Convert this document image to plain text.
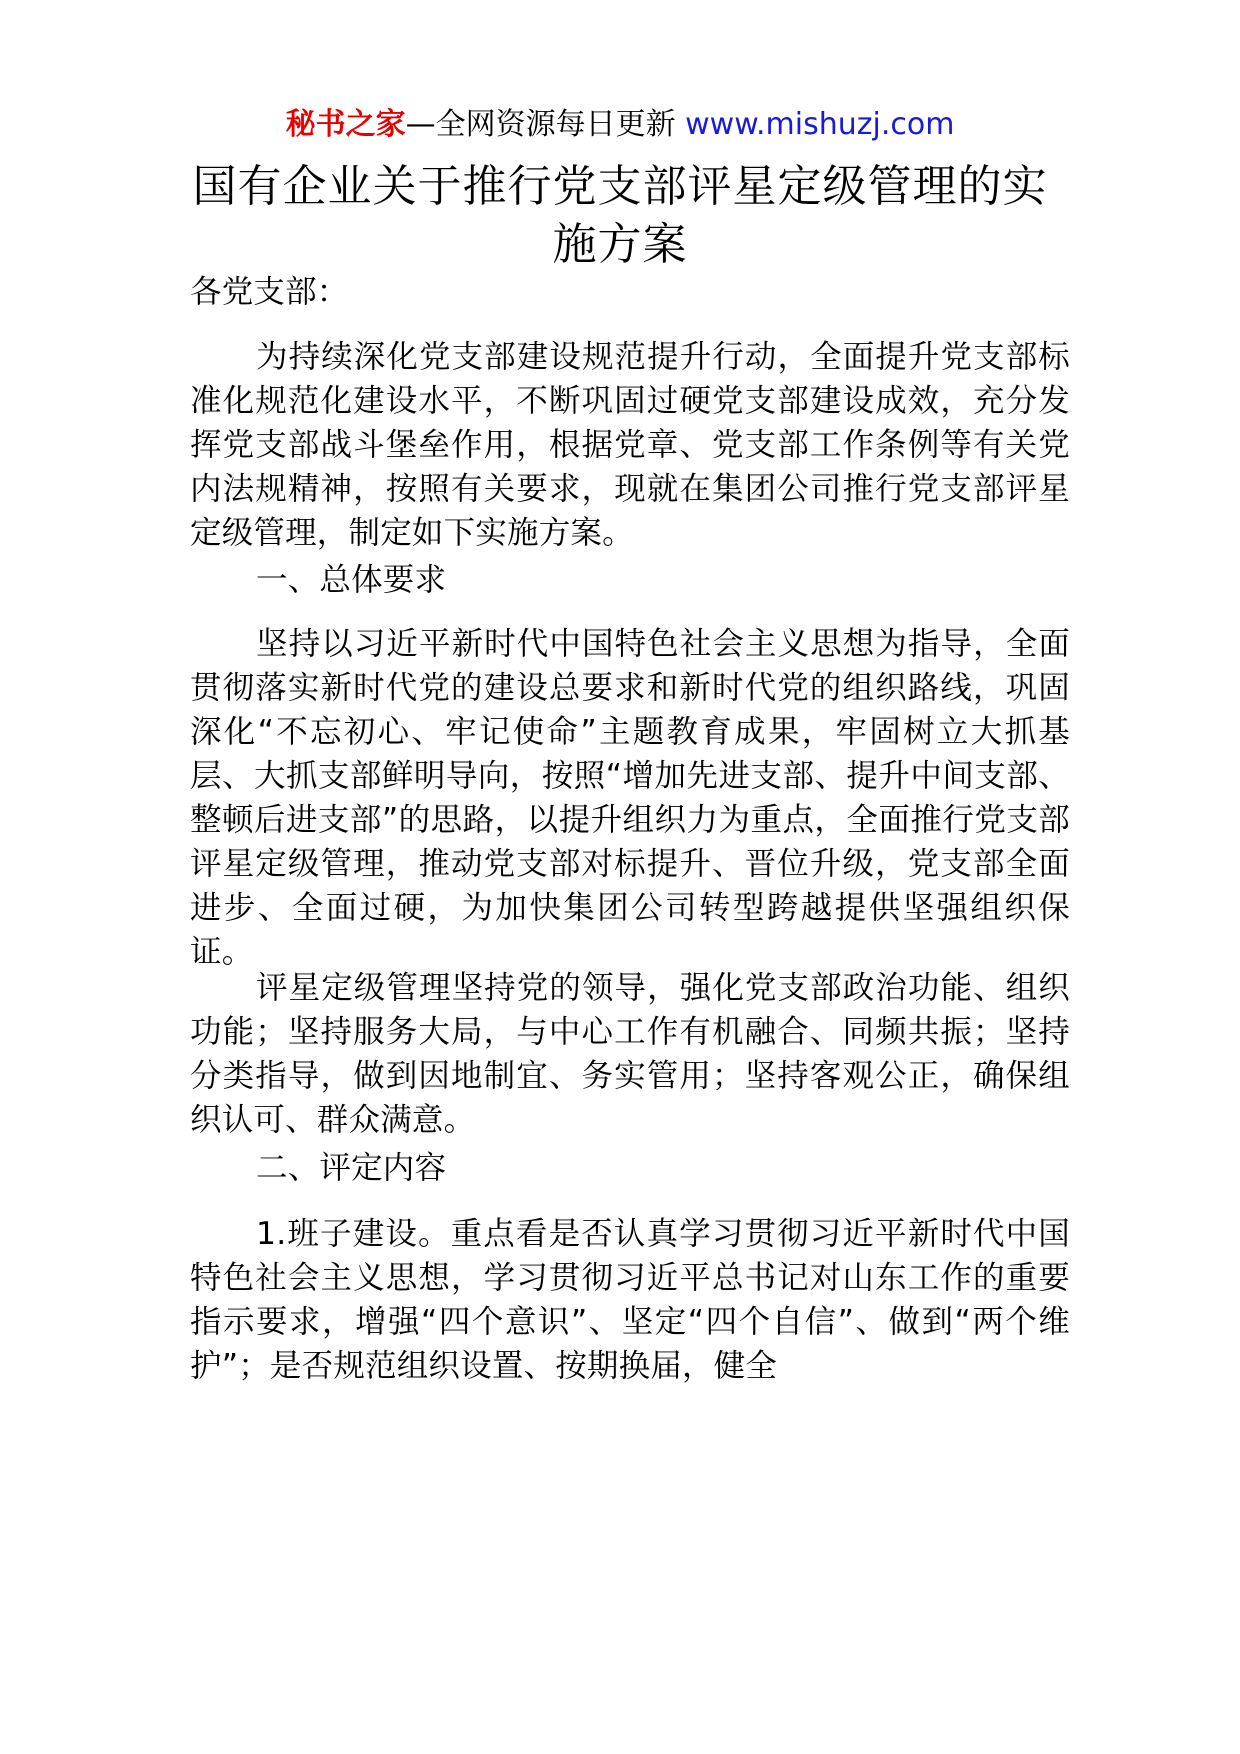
秘书之家—全网资源每日更新 www.mishuzj.com
国有企业关于推行党支部评星定级管理的实施方案

各党支部：

为持续深化党支部建设规范提升行动，全面提升党支部标准化规范化建设水平，不断巩固过硬党支部建设成效，充分发挥党支部战斗堡垒作用，根据党章、党支部工作条例等有关党内法规精神，按照有关要求，现就在集团公司推行党支部评星定级管理，制定如下实施方案。

一、总体要求

坚持以习近平新时代中国特色社会主义思想为指导，全面贯彻落实新时代党的建设总要求和新时代党的组织路线，巩固深化“不忘初心、牢记使命”主题教育成果，牢固树立大抓基层、大抓支部鲜明导向，按照“增加先进支部、提升中间支部、整顿后进支部”的思路，以提升组织力为重点，全面推行党支部评星定级管理，推动党支部对标提升、晋位升级，党支部全面进步、全面过硬，为加快集团公司转型跨越提供坚强组织保证。

评星定级管理坚持党的领导，强化党支部政治功能、组织功能；坚持服务大局，与中心工作有机融合、同频共振；坚持分类指导，做到因地制宜、务实管用；坚持客观公正，确保组织认可、群众满意。

二、评定内容

1.班子建设。重点看是否认真学习贯彻习近平新时代中国特色社会主义思想，学习贯彻习近平总书记对山东工作的重要指示要求，增强“四个意识”、坚定“四个自信”、做到“两个维护”；是否规范组织设置、按期换届，健全
